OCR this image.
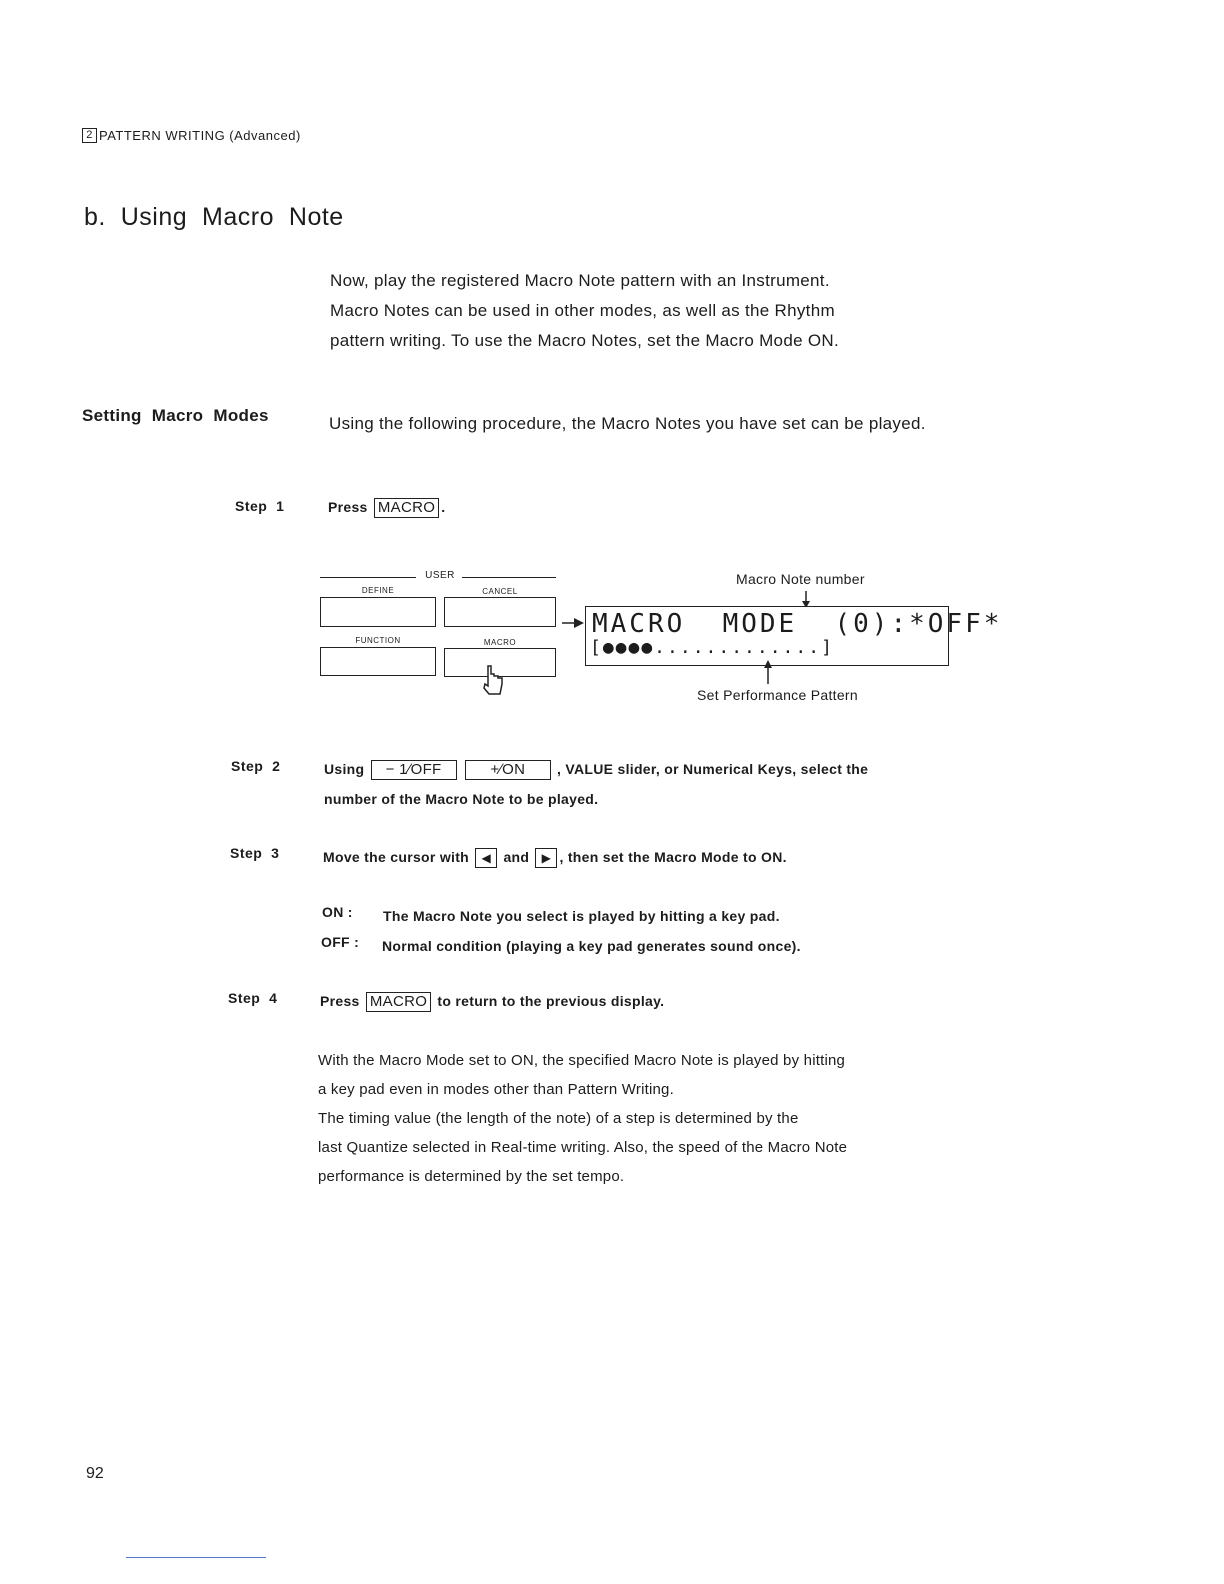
2 PATTERN WRITING (Advanced)
b.  Using  Macro  Note

Now, play the registered Macro Note pattern with an Instrument.

Macro Notes can be used in other modes, as well as the Rhythm

pattern writing. To use the Macro Notes, set the Macro Mode ON.

Setting  Macro  Modes	Using the following procedure, the Macro Notes you have set can be played.
Step  1	Press MACRO .
USER
DEFINE	CANCEL
FUNCTION	MACRO
Macro Note number
MACRO  MODE  (0):*OFF*
[●●●●.............]
Set Performance Pattern
Step  2	Using − 1∕OFF	+∕ON , VALUE slider, or Numerical Keys, select the
number of the Macro Note to be played.
Step  3	Move the cursor with ◀ and ▶ , then set the Macro Mode to ON.
ON : The Macro Note you select is played by hitting a key pad.
OFF : Normal condition (playing a key pad generates sound once).
Step  4	Press MACRO to return to the previous display.

With the Macro Mode set to ON, the specified Macro Note is played by hitting

a key pad even in modes other than Pattern Writing.

The timing value (the length of the note) of a step is determined by the

last Quantize selected in Real-time writing. Also, the speed of the Macro Note

performance is determined by the set tempo.

92
